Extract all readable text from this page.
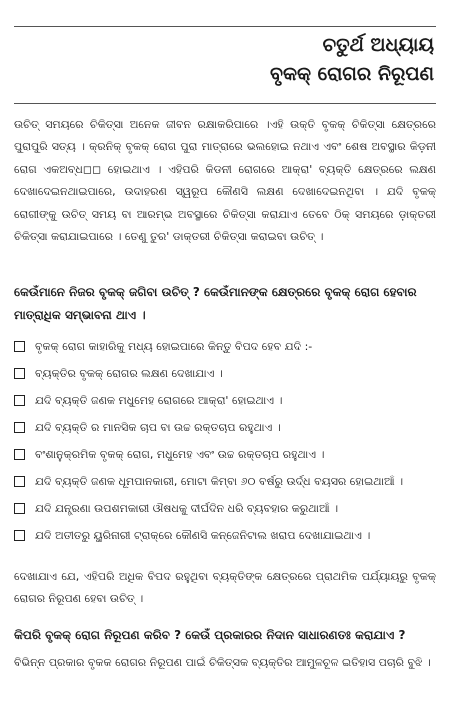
ଚତୁର୍ଥ ଅଧ୍ୟାୟ
ବୃକକ୍ ରୋଗର ନିରୂପଣ

ଉଚିତ୍ ସମୟରେ ଚିକିତ୍ସା ଅନେକ ଜୀବନ ରକ୍ଷାକରିପାରେ ।ଏହି ଉକ୍ତି ବୃକକ୍ ଚିକିତ୍ସା କ୍ଷେତ୍ରରେ ପୁରାପୁରି ସତ୍ୟ । କ୍ରନିକ୍ ବୃକକ୍ ରୋଗ ପୁରା ମାତ୍ରାରେ ଭଲହୋଇ ନଥାଏ ଏବଂ ଶେଷ ଅବସ୍ଥାର କିଡ଼ନୀ ରୋଗ ଏକଅବ୍ଧ◻◻ ହୋଇଥାଏ । ଏହିପରି କିଡନୀ ରୋଗରେ ଆକ୍ରା' ବ୍ୟକ୍ତି କ୍ଷେତ୍ରରେ ଲକ୍ଷଣ ଦେଖାଦେଇନଥାଇପାରେ, ଉଦାହରଣ ସ୍ୱରୂପ କୌଣସି ଲକ୍ଷଣ ଦେଖାଦେଇନଥିବା । ଯଦି ବୃକକ୍ ରୋଗୀଙ୍କୁ ଉଚିତ୍ ସମୟ ବା ଆରମ୍ଭ ଅବସ୍ଥାରେ ଚିକିତ୍ସା କରାଯାଏ ତେବେ ଠିକ୍ ସମୟରେ ଡ଼ାକ୍ତରୀ ଚିକିତ୍ସା କରାଯାଇପାରେ । ତେଣୁ ତୁର' ଡାକ୍ତରୀ ଚିକିତ୍ସା କରାଇବା ଉଚିତ୍ ।

କେଉଁମାନେ ନିଜର ବୃକକ୍ ଜଗିବା ଉଚିତ୍ ? କେଉଁମାନଙ୍କ କ୍ଷେତ୍ରରେ ବୃକକ୍ ରୋଗ ହେବାର ମାତ୍ରାଧିକ ସମ୍ଭାବନା ଥାଏ ।
ବୃକକ୍ ରୋଗ କାହାରିକୁ ମଧ୍ୟ ହୋଇପାରେ କିନ୍ତୁ ବିପଦ ହେବ ଯଦି :-
ବ୍ୟକ୍ତିର ବୃକକ୍ ରୋଗର ଲକ୍ଷଣ ଦେଖାଯାଏ ।
ଯଦି ବ୍ୟକ୍ତି ଜଣକ ମଧୁମେହ ରୋଗରେ ଆକ୍ରା' ହୋଇଥାଏ ।
ଯଦି ବ୍ୟକ୍ତି ର ମାନସିକ ଚାପ ବା ଉଚ୍ଚ ରକ୍ତଚାପ ରହୁଥାଏ ।
ବଂଶାନୁକ୍ରମିକ ବୃକକ୍ ରୋଗ, ମଧୁମେହ ଏବଂ ଉଚ୍ଚ ରକ୍ତଚାପ ରହୁଥାଏ ।
ଯଦି ବ୍ୟକ୍ତି ଜଣକ ଧୂମପାନକାରୀ, ମୋଟା କିମ୍ବା ୬୦ ବର୍ଷରୁ ଉର୍ଦ୍ଧ ବୟସର ହୋଇଥାଆଁ ।
ଯଦି ଯନ୍ତ୍ରଣା ଉପଶମକାରୀ ଔଷଧକୁ ଦୀର୍ଘଦିନ ଧରି ବ୍ୟବହାର କରୁଥାଆଁ ।
ଯଦି ଅତୀତରୁ ୟୁରିନାରୀ ଟ୍ରାକ୍‌ରେ କୌଣସି କନ୍‌ଜେନିଟାଲ ଖରାପ ଦେଖାଯାଇଥାଏ ।

ଦେଖାଯାଏ ଯେ, ଏହିପରି ଅଧିକ ବିପଦ ରହୁଥିବା ବ୍ୟକ୍ତିଙ୍କ କ୍ଷେତ୍ରରେ ପ୍ରାଥମିକ ପର୍ଯ୍ୟାୟରୁ ବୃକକ୍ ରୋଗର ନିରୂପଣ ହେବା ଉଚିତ୍ ।

କିପରି ବୃକକ୍ ରୋଗ ନିରୂପଣ କରିବ ? କେଉଁ ପ୍ରକାରର ନିଦାନ ସାଧାରଣତଃ କରାଯାଏ ?

ବିଭିନ୍ନ ପ୍ରକାର ବୃକକ ରୋଗର ନିରୂପଣ ପାଇଁ ଚିକିତ୍ସକ ବ୍ୟକ୍ତିର ଆମୁଳଚୂଳ ଇତିହାସ ପଚାରି ବୁଝି ।
